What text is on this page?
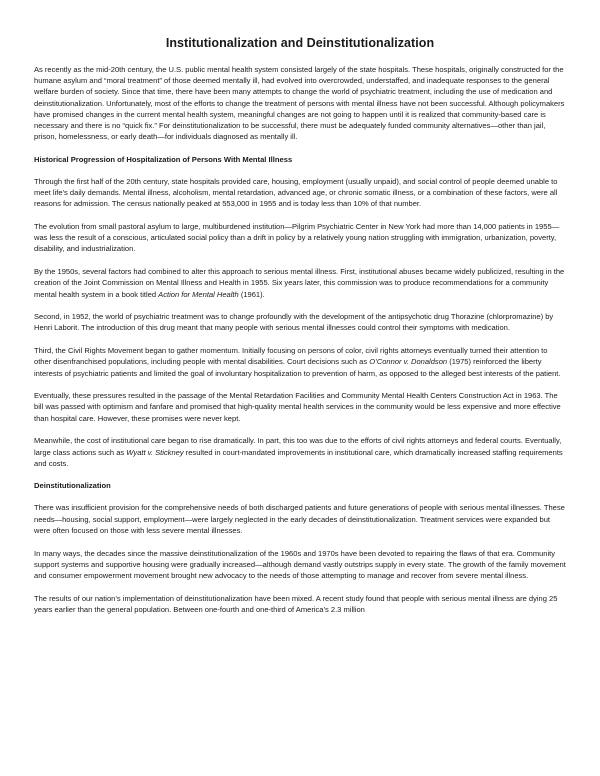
Institutionalization and Deinstitutionalization

As recently as the mid-20th century, the U.S. public mental health system consisted largely of the state hospitals. These hospitals, originally constructed for the humane asylum and “moral treatment” of those deemed mentally ill, had evolved into overcrowded, understaffed, and inadequate responses to the general welfare burden of society. Since that time, there have been many attempts to change the world of psychiatric treatment, including the use of medication and deinstitutionalization. Unfortunately, most of the efforts to change the treatment of persons with mental illness have not been successful. Although policymakers have promised changes in the current mental health system, meaningful changes are not going to happen until it is realized that community-based care is necessary and there is no “quick fix.” For deinstitutionalization to be successful, there must be adequately funded community alternatives—other than jail, prison, homelessness, or early death—for individuals diagnosed as mentally ill.

Historical Progression of Hospitalization of Persons With Mental Illness

Through the first half of the 20th century, state hospitals provided care, housing, employment (usually unpaid), and social control of people deemed unable to meet life’s daily demands. Mental illness, alcoholism, mental retardation, advanced age, or chronic somatic illness, or a combination of these factors, were all reasons for admission. The census nationally peaked at 553,000 in 1955 and is today less than 10% of that number.

The evolution from small pastoral asylum to large, multiburdened institution—Pilgrim Psychiatric Center in New York had more than 14,000 patients in 1955—was less the result of a conscious, articulated social policy than a drift in policy by a relatively young nation struggling with immigration, urbanization, poverty, disability, and industrialization.

By the 1950s, several factors had combined to alter this approach to serious mental illness. First, institutional abuses became widely publicized, resulting in the creation of the Joint Commission on Mental Illness and Health in 1955. Six years later, this commission was to produce recommendations for a community mental health system in a book titled Action for Mental Health (1961).

Second, in 1952, the world of psychiatric treatment was to change profoundly with the development of the antipsychotic drug Thorazine (chlorpromazine) by Henri Laborit. The introduction of this drug meant that many people with serious mental illnesses could control their symptoms with medication.

Third, the Civil Rights Movement began to gather momentum. Initially focusing on persons of color, civil rights attorneys eventually turned their attention to other disenfranchised populations, including people with mental disabilities. Court decisions such as O’Connor v. Donaldson (1975) reinforced the liberty interests of psychiatric patients and limited the goal of involuntary hospitalization to prevention of harm, as opposed to the alleged best interests of the patient.

Eventually, these pressures resulted in the passage of the Mental Retardation Facilities and Community Mental Health Centers Construction Act in 1963. The bill was passed with optimism and fanfare and promised that high-quality mental health services in the community would be less expensive and more effective than hospital care. However, these promises were never kept.

Meanwhile, the cost of institutional care began to rise dramatically. In part, this too was due to the efforts of civil rights attorneys and federal courts. Eventually, large class actions such as Wyatt v. Stickney resulted in court-mandated improvements in institutional care, which dramatically increased staffing requirements and costs.

Deinstitutionalization

There was insufficient provision for the comprehensive needs of both discharged patients and future generations of people with serious mental illnesses. These needs—housing, social support, employment—were largely neglected in the early decades of deinstitutionalization. Treatment services were expanded but were often focused on those with less severe mental illnesses.

In many ways, the decades since the massive deinstitutionalization of the 1960s and 1970s have been devoted to repairing the flaws of that era. Community support systems and supportive housing were gradually increased—although demand vastly outstrips supply in every state. The growth of the family movement and consumer empowerment movement brought new advocacy to the needs of those attempting to manage and recover from severe mental illness.

The results of our nation’s implementation of deinstitutionalization have been mixed. A recent study found that people with serious mental illness are dying 25 years earlier than the general population. Between one-fourth and one-third of America’s 2.3 million
